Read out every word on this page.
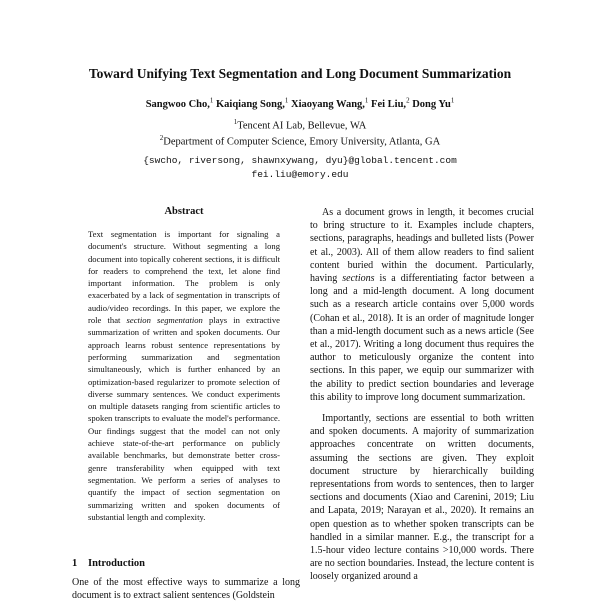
Toward Unifying Text Segmentation and Long Document Summarization
Sangwoo Cho,$^1$ Kaiqiang Song,$^1$ Xiaoyang Wang,$^1$ Fei Liu,$^2$ Dong Yu$^1$
$^1$Tencent AI Lab, Bellevue, WA
$^2$Department of Computer Science, Emory University, Atlanta, GA
{swcho, riversong, shawnxywang, dyu}@global.tencent.com
fei.liu@emory.edu
Abstract
Text segmentation is important for signaling a document's structure. Without segmenting a long document into topically coherent sections, it is difficult for readers to comprehend the text, let alone find important information. The problem is only exacerbated by a lack of segmentation in transcripts of audio/video recordings. In this paper, we explore the role that section segmentation plays in extractive summarization of written and spoken documents. Our approach learns robust sentence representations by performing summarization and segmentation simultaneously, which is further enhanced by an optimization-based regularizer to promote selection of diverse summary sentences. We conduct experiments on multiple datasets ranging from scientific articles to spoken transcripts to evaluate the model's performance. Our findings suggest that the model can not only achieve state-of-the-art performance on publicly available benchmarks, but demonstrate better cross-genre transferability when equipped with text segmentation. We perform a series of analyses to quantify the impact of section segmentation on summarizing written and spoken documents of substantial length and complexity.
1 Introduction
One of the most effective ways to summarize a long document is to extract salient sentences (Goldstein

As a document grows in length, it becomes crucial to bring structure to it. Examples include chapters, sections, paragraphs, headings and bulleted lists (Power et al., 2003). All of them allow readers to find salient content buried within the document. Particularly, having sections is a differentiating factor between a long and a mid-length document. A long document such as a research article contains over 5,000 words (Cohan et al., 2018). It is an order of magnitude longer than a mid-length document such as a news article (See et al., 2017). Writing a long document thus requires the author to meticulously organize the content into sections. In this paper, we equip our summarizer with the ability to predict section boundaries and leverage this ability to improve long document summarization.

Importantly, sections are essential to both written and spoken documents. A majority of summarization approaches concentrate on written documents, assuming the sections are given. They exploit document structure by hierarchically building representations from words to sentences, then to larger sections and documents (Xiao and Carenini, 2019; Liu and Lapata, 2019; Narayan et al., 2020). It remains an open question as to whether spoken transcripts can be handled in a similar manner. E.g., the transcript for a 1.5-hour video lecture contains >10,000 words. There are no section boundaries. Instead, the lecture content is loosely organized around a
